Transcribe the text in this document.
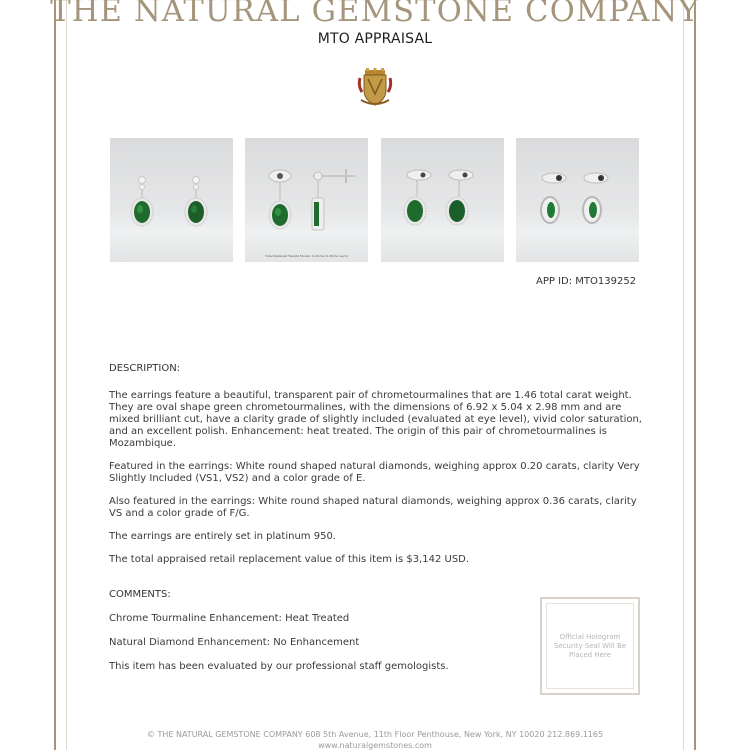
THE NATURAL GEMSTONE COMPANY
MTO APPRAISAL
Total Diamond Weight Shown: 0.20ctw (0.36ctw each)
APP ID: MTO139252

DESCRIPTION:

The earrings feature a beautiful, transparent pair of chrometourmalines that are 1.46 total carat weight. They are oval shape green chrometourmalines, with the dimensions of 6.92 x 5.04 x 2.98 mm and are mixed brilliant cut, have a clarity grade of slightly included (evaluated at eye level), vivid color saturation, and an excellent polish. Enhancement: heat treated. The origin of this pair of chrometourmalines is Mozambique.

Featured in the earrings: White round shaped natural diamonds, weighing approx 0.20 carats, clarity Very Slightly Included (VS1, VS2) and a color grade of E.

Also featured in the earrings: White round shaped natural diamonds, weighing approx 0.36 carats, clarity VS and a color grade of F/G.

The earrings are entirely set in platinum 950.

The total appraised retail replacement value of this item is $3,142 USD.

COMMENTS:

Chrome Tourmaline Enhancement: Heat Treated

Natural Diamond Enhancement: No Enhancement

This item has been evaluated by our professional staff gemologists.

Official Hologram Security Seal Will Be Placed Here
© THE NATURAL GEMSTONE COMPANY 608 5th Avenue, 11th Floor Penthouse, New York, NY 10020 212.869.1165
www.naturalgemstones.com
